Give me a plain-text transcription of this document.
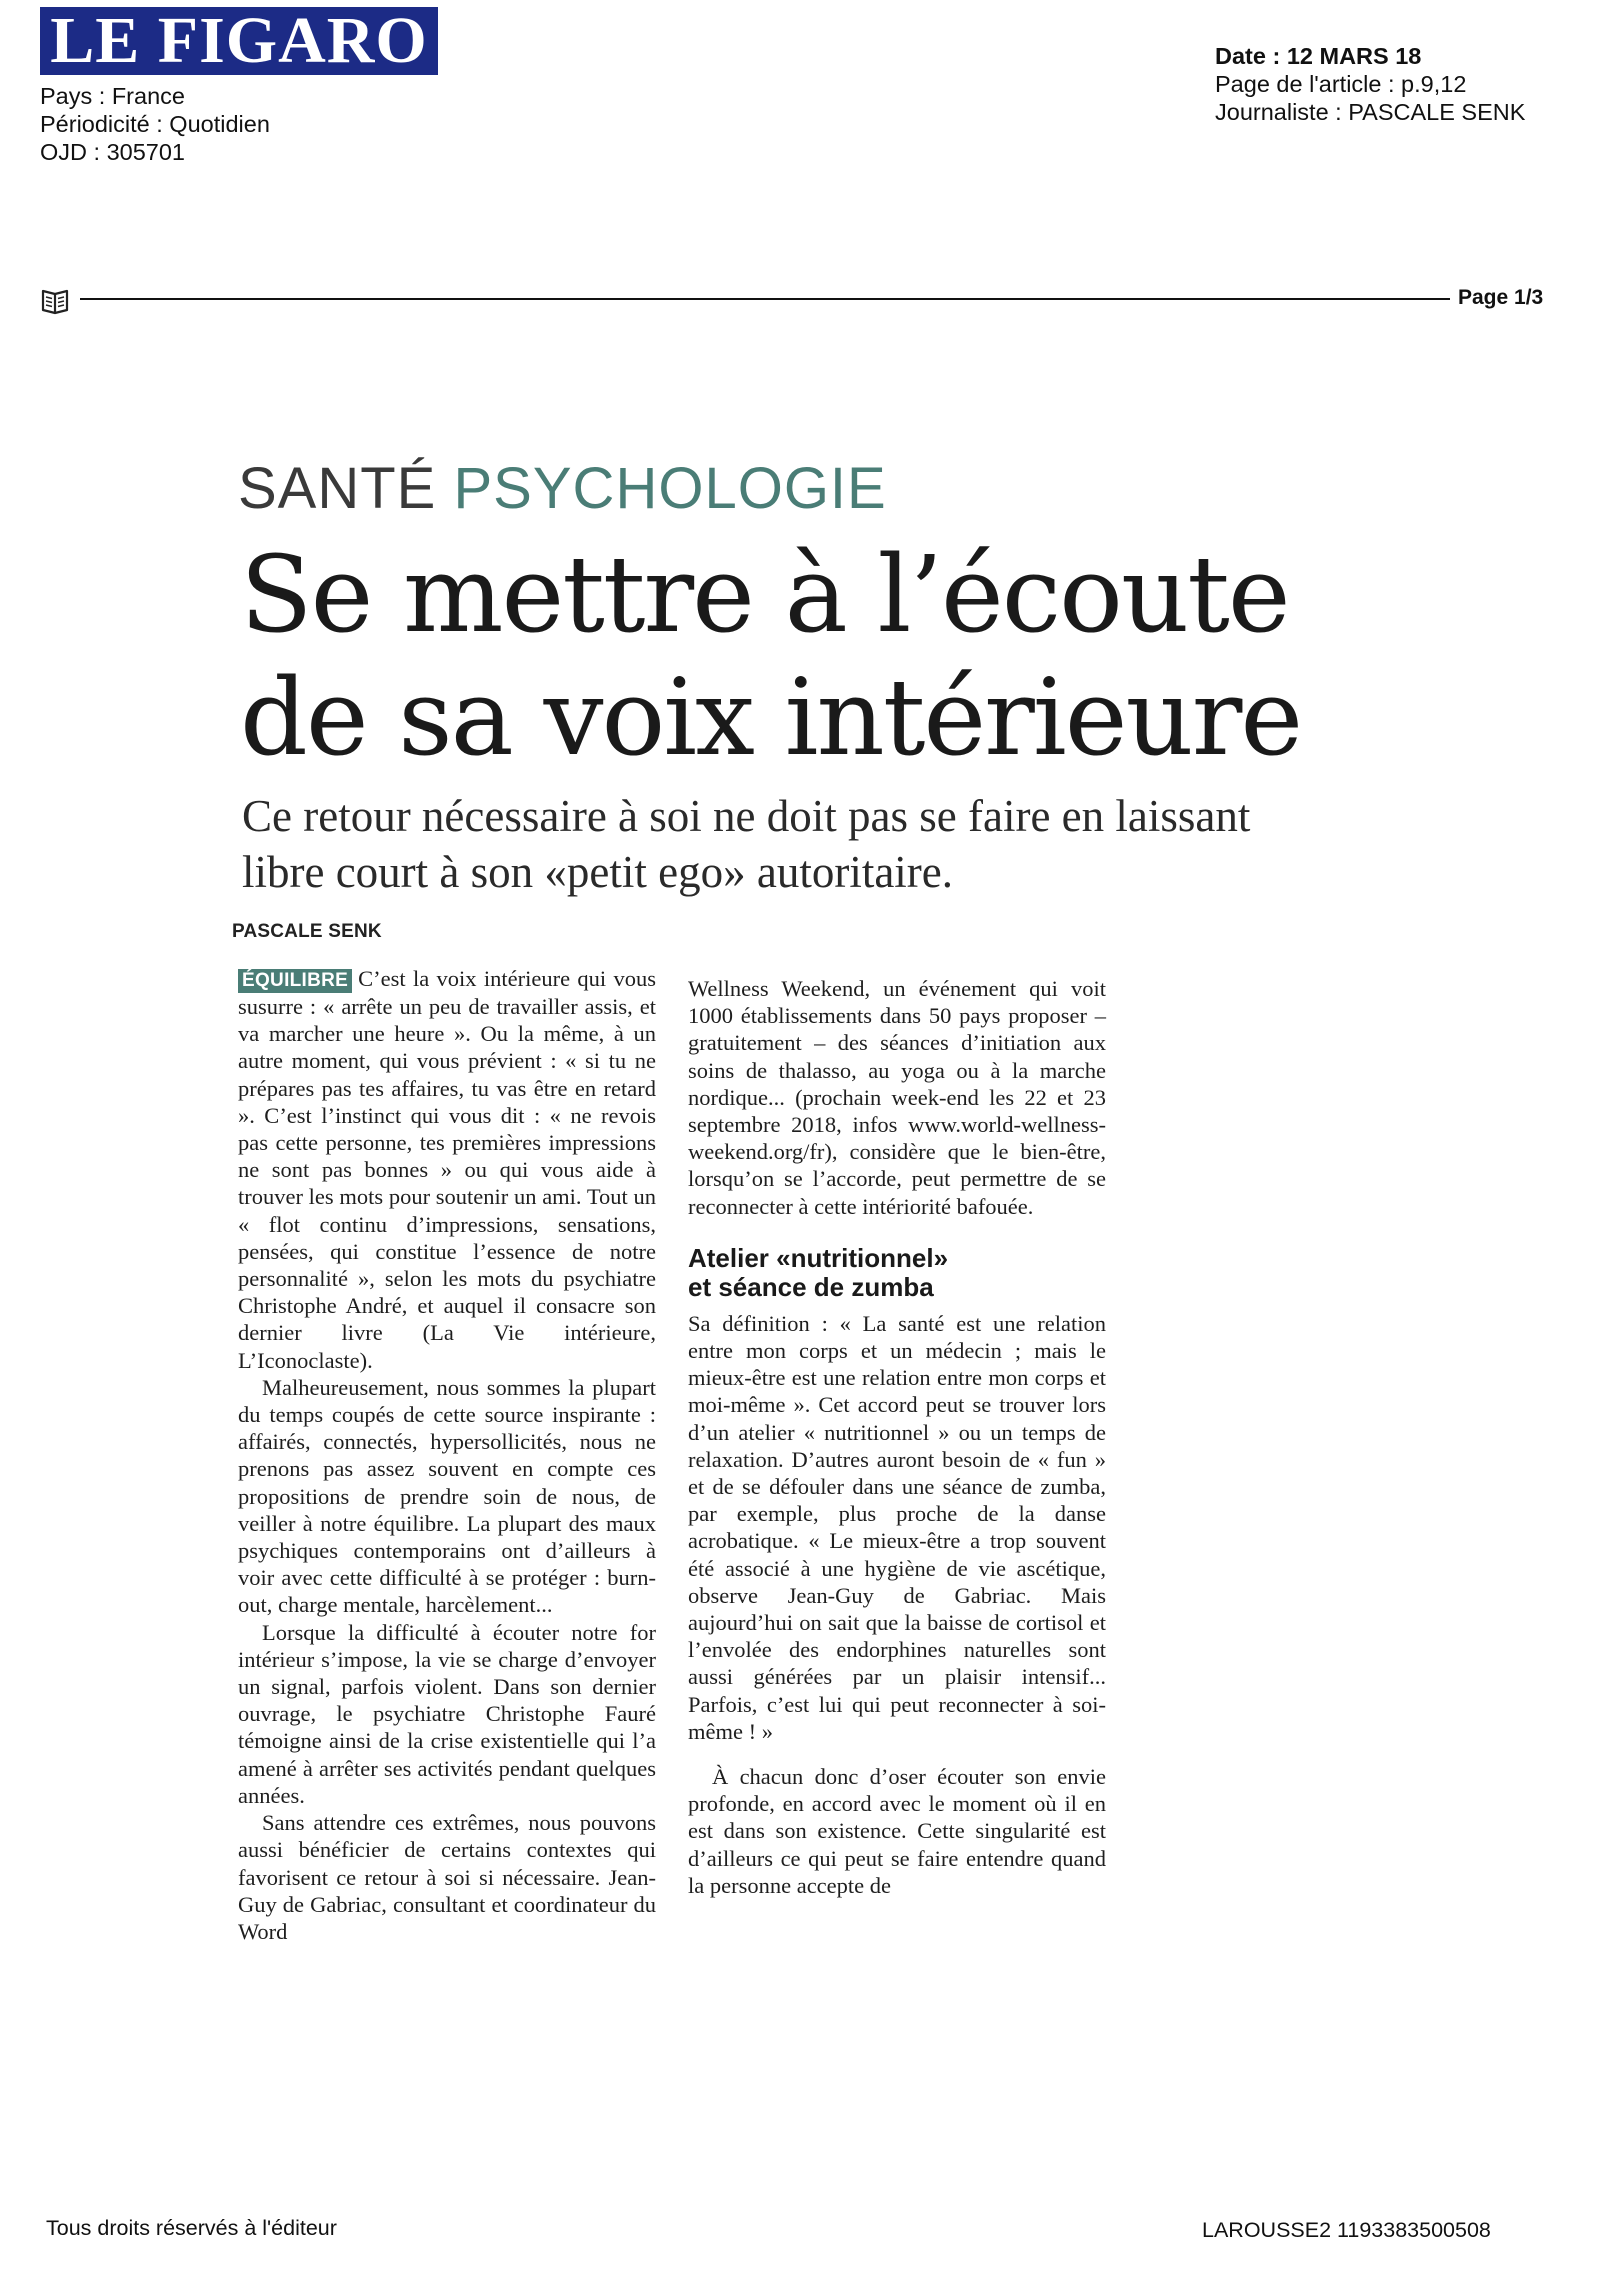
LE FIGARO
Pays : France
Périodicité : Quotidien
OJD : 305701
Date : 12 MARS 18
Page de l'article : p.9,12
Journaliste : PASCALE SENK
Page 1/3
SANTÉ PSYCHOLOGIE
Se mettre à l’écoute
de sa voix intérieure
Ce retour nécessaire à soi ne doit pas se faire en laissant
libre court à son «petit ego» autoritaire.
PASCALE SENK

ÉQUILIBRE C’est la voix intérieure qui vous susurre : « arrête un peu de travailler assis, et va marcher une heure ». Ou la même, à un autre moment, qui vous prévient : « si tu ne prépares pas tes affaires, tu vas être en retard ». C’est l’instinct qui vous dit : « ne revois pas cette personne, tes premières impressions ne sont pas bonnes » ou qui vous aide à trouver les mots pour soutenir un ami. Tout un « flot continu d’impressions, sensations, pensées, qui constitue l’essence de notre personnalité », selon les mots du psychiatre Christophe André, et auquel il consacre son dernier livre (La Vie intérieure, L’Iconoclaste).

Malheureusement, nous sommes la plupart du temps coupés de cette source inspirante : affairés, connectés, hypersollicités, nous ne prenons pas assez souvent en compte ces propositions de prendre soin de nous, de veiller à notre équilibre. La plupart des maux psychiques contemporains ont d’ailleurs à voir avec cette difficulté à se protéger : burn-out, charge mentale, harcèlement...

Lorsque la difficulté à écouter notre for intérieur s’impose, la vie se charge d’envoyer un signal, parfois violent. Dans son dernier ouvrage, le psychiatre Christophe Fauré témoigne ainsi de la crise existentielle qui l’a amené à arrêter ses activités pendant quelques années.

Sans attendre ces extrêmes, nous pouvons aussi bénéficier de certains contextes qui favorisent ce retour à soi si nécessaire. Jean-Guy de Gabriac, consultant et coordinateur du Word

Wellness Weekend, un événement qui voit 1000 établissements dans 50 pays proposer – gratuitement – des séances d’initiation aux soins de thalasso, au yoga ou à la marche nordique... (prochain week-end les 22 et 23 septembre 2018, infos www.world-wellness-weekend.org/fr), considère que le bien-être, lorsqu’on se l’accorde, peut permettre de se reconnecter à cette intériorité bafouée.

Atelier «nutritionnel»
et séance de zumba

Sa définition : « La santé est une relation entre mon corps et un médecin ; mais le mieux-être est une relation entre mon corps et moi-même ». Cet accord peut se trouver lors d’un atelier « nutritionnel » ou un temps de relaxation. D’autres auront besoin de « fun » et de se défouler dans une séance de zumba, par exemple, plus proche de la danse acrobatique. « Le mieux-être a trop souvent été associé à une hygiène de vie ascétique, observe Jean-Guy de Gabriac. Mais aujourd’hui on sait que la baisse de cortisol et l’envolée des endorphines naturelles sont aussi générées par un plaisir intensif... Parfois, c’est lui qui peut reconnecter à soi-même ! »

À chacun donc d’oser écouter son envie profonde, en accord avec le moment où il en est dans son existence. Cette singularité est d’ailleurs ce qui peut se faire entendre quand la personne accepte de

Tous droits réservés à l'éditeur	LAROUSSE2 1193383500508
